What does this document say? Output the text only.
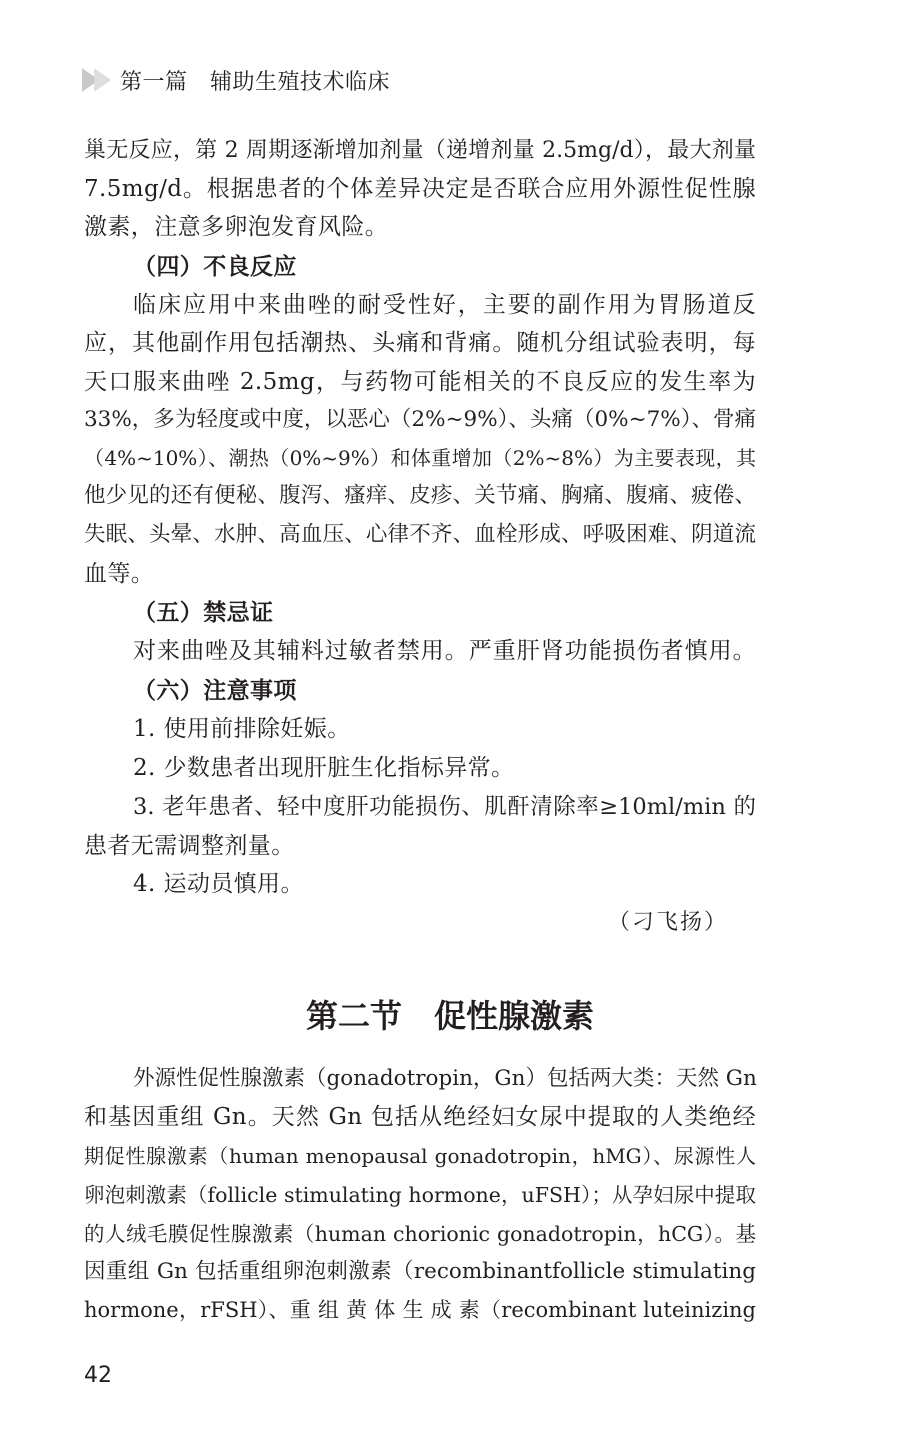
第一篇　辅助生殖技术临床
巢无反应，第 2 周期逐渐增加剂量（递增剂量 2.5mg/d），最大剂量
7.5mg/d。根据患者的个体差异决定是否联合应用外源性促性腺
激素，注意多卵泡发育风险。
（四）不良反应
临床应用中来曲唑的耐受性好，主要的副作用为胃肠道反
应，其他副作用包括潮热、头痛和背痛。随机分组试验表明，每
天口服来曲唑 2.5mg，与药物可能相关的不良反应的发生率为
33%，多为轻度或中度，以恶心（2%~9%）、头痛（0%~7%）、骨痛
（4%~10%）、潮热（0%~9%）和体重增加（2%~8%）为主要表现，其
他少见的还有便秘、腹泻、瘙痒、皮疹、关节痛、胸痛、腹痛、疲倦、
失眠、头晕、水肿、高血压、心律不齐、血栓形成、呼吸困难、阴道流
血等。
（五）禁忌证
对来曲唑及其辅料过敏者禁用。严重肝肾功能损伤者慎用。
（六）注意事项
1. 使用前排除妊娠。
2. 少数患者出现肝脏生化指标异常。
3. 老年患者、轻中度肝功能损伤、肌酐清除率≥10ml/min 的
患者无需调整剂量。
4. 运动员慎用。
（刁飞扬）
第二节　促性腺激素
外源性促性腺激素（gonadotropin，Gn）包括两大类：天然 Gn
和基因重组 Gn。天然 Gn 包括从绝经妇女尿中提取的人类绝经
期促性腺激素（human menopausal gonadotropin，hMG）、尿源性人
卵泡刺激素（follicle stimulating hormone，uFSH）；从孕妇尿中提取
的人绒毛膜促性腺激素（human chorionic gonadotropin，hCG）。基
因重组 Gn 包括重组卵泡刺激素（recombinantfollicle stimulating
hormone，rFSH）、重 组 黄 体 生 成 素（recombinant luteinizing
42
